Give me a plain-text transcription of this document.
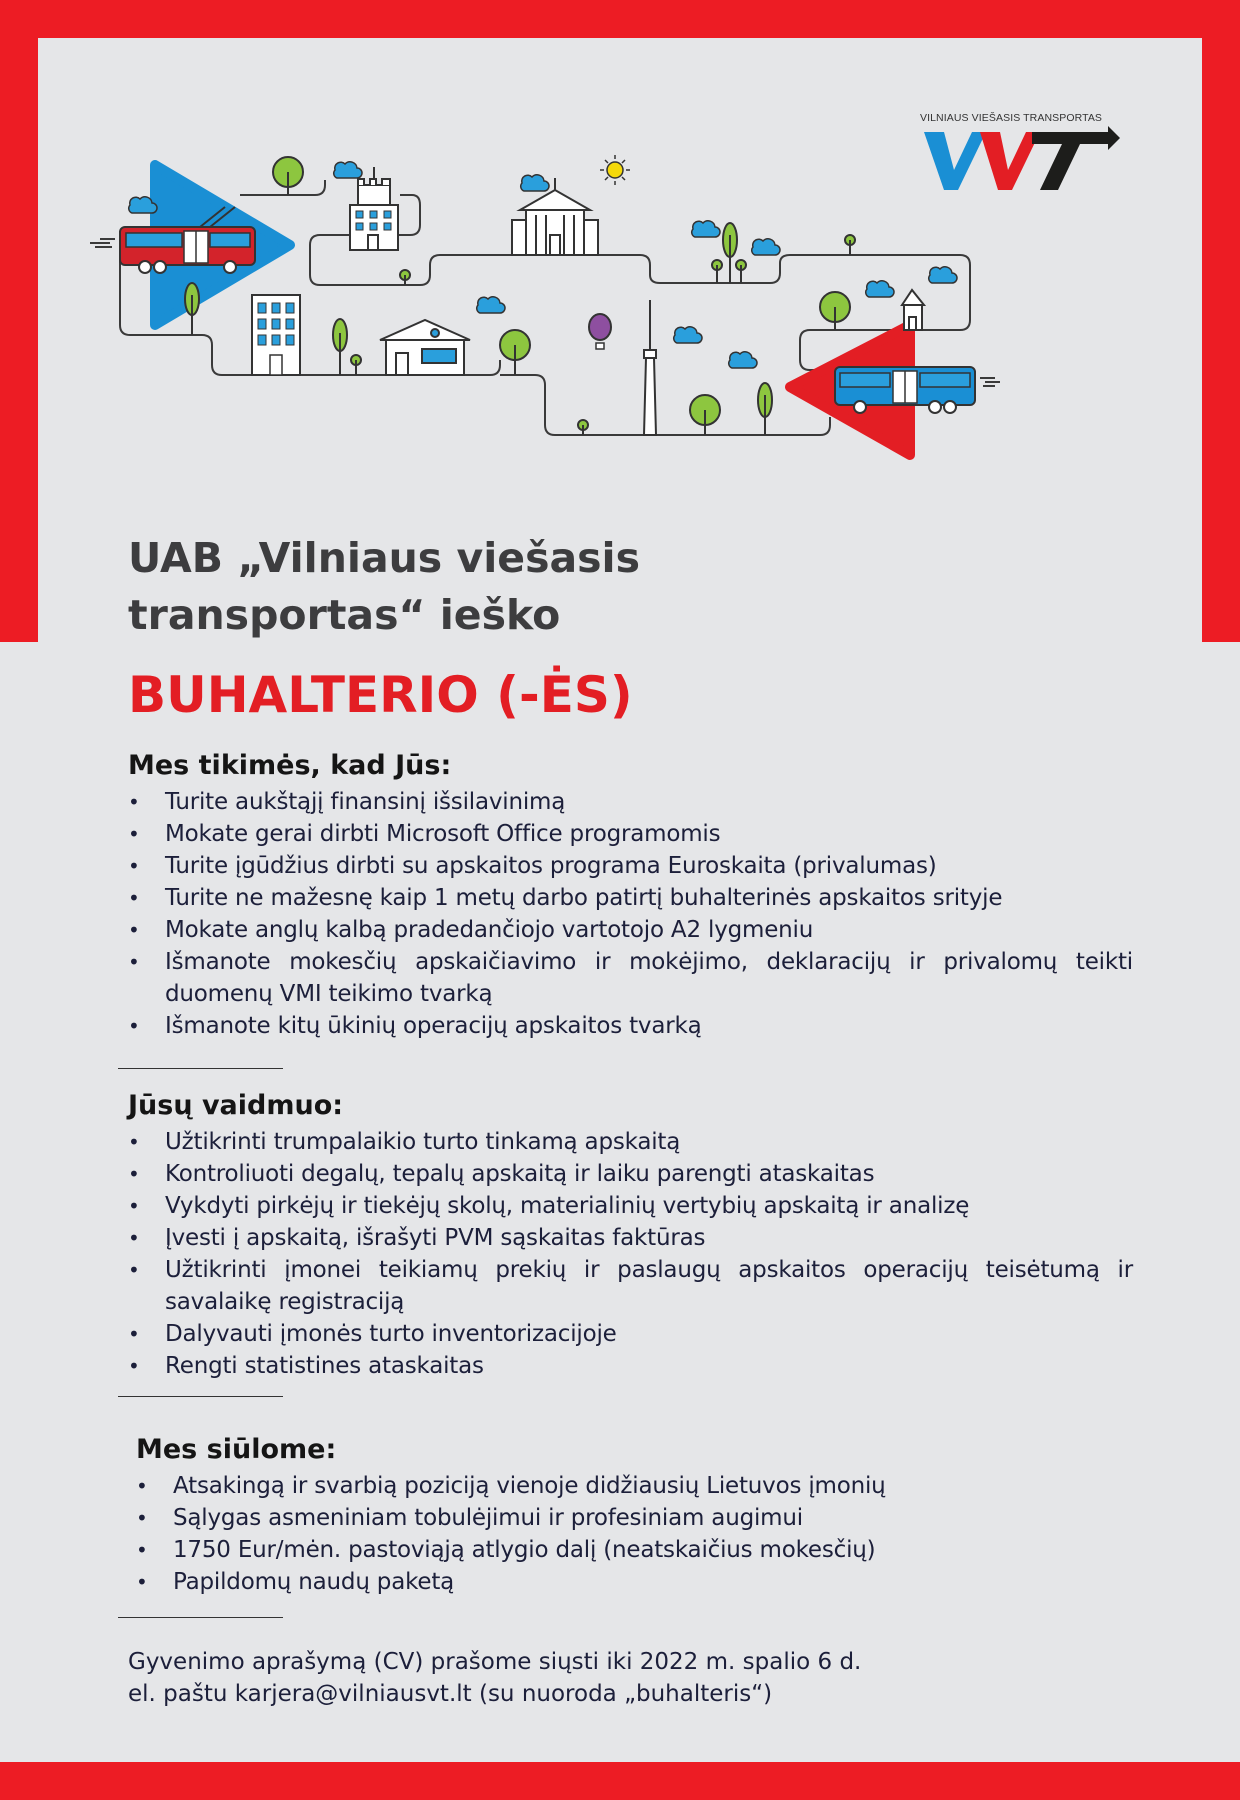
VILNIAUS VIEŠASIS TRANSPORTAS
UAB „Vilniaus viešasis
transportas“ ieško
BUHALTERIO (-ĖS)
Mes tikimės, kad Jūs:
• Turite aukštąjį finansinį išsilavinimą
• Mokate gerai dirbti Microsoft Office programomis
• Turite įgūdžius dirbti su apskaitos programa Euroskaita (privalumas)
• Turite ne mažesnę kaip 1 metų darbo patirtį buhalterinės apskaitos srityje
• Mokate anglų kalbą pradedančiojo vartotojo A2 lygmeniu
• Išmanote mokesčių apskaičiavimo ir mokėjimo, deklaracijų ir privalomų teikti duomenų VMI teikimo tvarką
• Išmanote kitų ūkinių operacijų apskaitos tvarką
Jūsų vaidmuo:
• Užtikrinti trumpalaikio turto tinkamą apskaitą
• Kontroliuoti degalų, tepalų apskaitą ir laiku parengti ataskaitas
• Vykdyti pirkėjų ir tiekėjų skolų, materialinių vertybių apskaitą ir analizę
• Įvesti į apskaitą, išrašyti PVM sąskaitas faktūras
• Užtikrinti įmonei teikiamų prekių ir paslaugų apskaitos operacijų teisėtumą ir savalaikę registraciją
• Dalyvauti įmonės turto inventorizacijoje
• Rengti statistines ataskaitas
Mes siūlome:
• Atsakingą ir svarbią poziciją vienoje didžiausių Lietuvos įmonių
• Sąlygas asmeniniam tobulėjimui ir profesiniam augimui
• 1750 Eur/mėn. pastoviąją atlygio dalį (neatskaičius mokesčių)
• Papildomų naudų paketą

Gyvenimo aprašymą (CV) prašome siųsti iki 2022 m. spalio 6 d.

el. paštu karjera@vilniausvt.lt (su nuoroda „buhalteris“)
